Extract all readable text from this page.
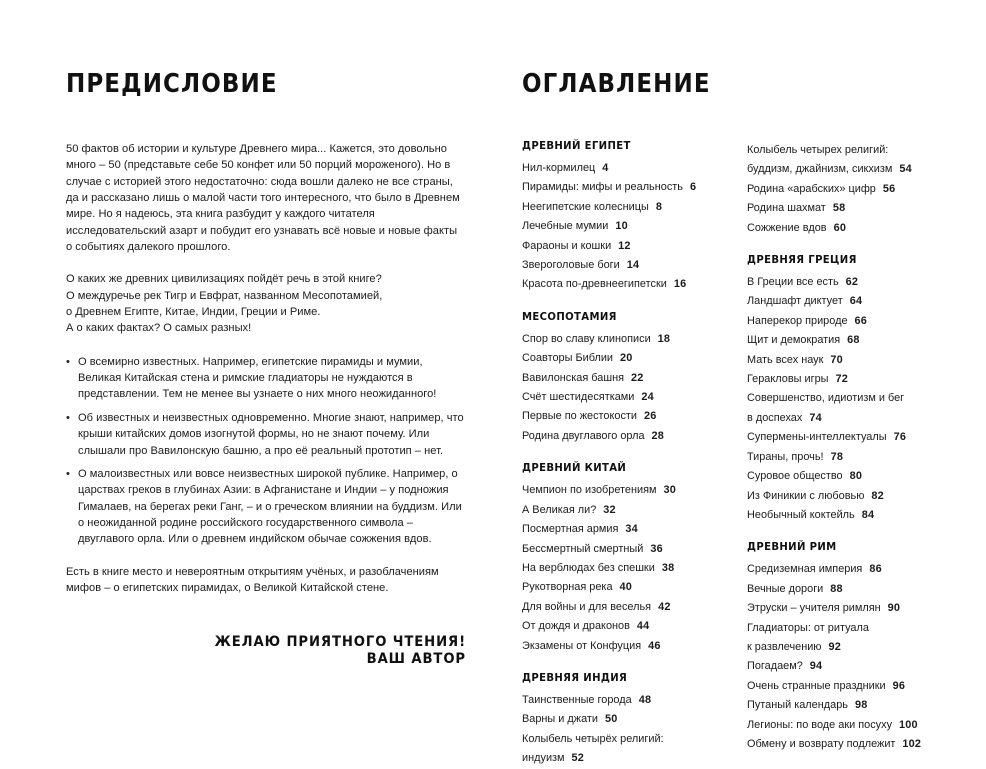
ПРЕДИСЛОВИЕ

50 фактов об истории и культуре Древнего мира... Кажется, это довольно много – 50 (представьте себе 50 конфет или 50 порций мороженого). Но в случае с историей этого недостаточно: сюда вошли далеко не все страны, да и рассказано лишь о малой части того интересного, что было в Древнем мире. Но я надеюсь, эта книга разбудит у каждого читателя исследовательский азарт и побудит его узнавать всё новые и новые факты о событиях далекого прошлого.

О каких же древних цивилизациях пойдёт речь в этой книге?

О междуречье рек Тигр и Евфрат, названном Месопотамией,

о Древнем Египте, Китае, Индии, Греции и Риме.

А о каких фактах? О самых разных!

• О всемирно известных. Например, египетские пирамиды и мумии, Великая Китайская стена и римские гладиаторы не нуждаются в представлении. Тем не менее вы узнаете о них много неожиданного!
• Об известных и неизвестных одновременно. Многие знают, например, что крыши китайских домов изогнутой формы, но не знают почему. Или слышали про Вавилонскую башню, а про её реальный прототип – нет.
• О малоизвестных или вовсе неизвестных широкой публике. Например, о царствах греков в глубинах Азии: в Афганистане и Индии – у подножия Гималаев, на берегах реки Ганг, – и о греческом влиянии на буддизм. Или о неожиданной родине российского государственного символа – двуглавого орла. Или о древнем индийском обычае сожжения вдов.

Есть в книге место и невероятным открытиям учёных, и разоблачениям мифов – о египетских пирамидах, о Великой Китайской стене.

ЖЕЛАЮ ПРИЯТНОГО ЧТЕНИЯ!
ВАШ АВТОР
ОГЛАВЛЕНИЕ
ДРЕВНИЙ ЕГИПЕТ
Нил-кормилец 4
Пирамиды: мифы и реальность 6
Неегипетские колесницы 8
Лечебные мумии 10
Фараоны и кошки 12
Звероголовые боги 14
Красота по-древнеегипетски 16
МЕСОПОТАМИЯ
Спор во славу клинописи 18
Соавторы Библии 20
Вавилонская башня 22
Счёт шестидесятками 24
Первые по жестокости 26
Родина двуглавого орла 28
ДРЕВНИЙ КИТАЙ
Чемпион по изобретениям 30
А Великая ли? 32
Посмертная армия 34
Бессмертный смертный 36
На верблюдах без спешки 38
Рукотворная река 40
Для войны и для веселья 42
От дождя и драконов 44
Экзамены от Конфуция 46
ДРЕВНЯЯ ИНДИЯ
Таинственные города 48
Варны и джати 50
Колыбель четырёх религий:
индуизм 52
Колыбель четырех религий:
буддизм, джайнизм, сикхизм 54
Родина «арабских» цифр 56
Родина шахмат 58
Сожжение вдов 60
ДРЕВНЯЯ ГРЕЦИЯ
В Греции все есть 62
Ландшафт диктует 64
Наперекор природе 66
Щит и демократия 68
Мать всех наук 70
Геракловы игры 72
Совершенство, идиотизм и бег
в доспехах 74
Супермены-интеллектуалы 76
Тираны, прочь! 78
Суровое общество 80
Из Финикии с любовью 82
Необычный коктейль 84
ДРЕВНИЙ РИМ
Средиземная империя 86
Вечные дороги 88
Этруски – учителя римлян 90
Гладиаторы: от ритуала
к развлечению 92
Погадаем? 94
Очень странные праздники 96
Путаный календарь 98
Легионы: по воде аки посуху 100
Обмену и возврату подлежит 102
